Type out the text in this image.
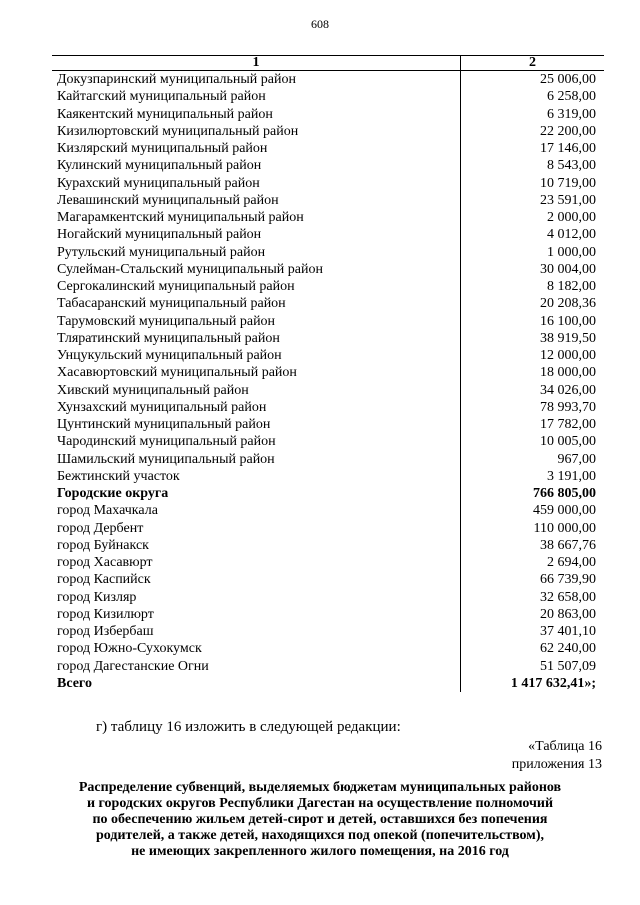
608
1	2
Докузпаринский муниципальный район	25 006,00
Кайтагский муниципальный район	6 258,00
Каякентский муниципальный район	6 319,00
Кизилюртовский муниципальный район	22 200,00
Кизлярский муниципальный район	17 146,00
Кулинский муниципальный район	8 543,00
Курахский муниципальный район	10 719,00
Левашинский муниципальный район	23 591,00
Магарамкентский муниципальный район	2 000,00
Ногайский муниципальный район	4 012,00
Рутульский муниципальный район	1 000,00
Сулейман-Стальский муниципальный район	30 004,00
Сергокалинский муниципальный район	8 182,00
Табасаранский муниципальный район	20 208,36
Тарумовский муниципальный район	16 100,00
Тляратинский муниципальный район	38 919,50
Унцукульский муниципальный район	12 000,00
Хасавюртовский муниципальный район	18 000,00
Хивский муниципальный район	34 026,00
Хунзахский муниципальный район	78 993,70
Цунтинский муниципальный район	17 782,00
Чародинский муниципальный район	10 005,00
Шамильский муниципальный район	967,00
Бежтинский участок	3 191,00
Городские округа	766 805,00
город Махачкала	459 000,00
город Дербент	110 000,00
город Буйнакск	38 667,76
город Хасавюрт	2 694,00
город Каспийск	66 739,90
город Кизляр	32 658,00
город Кизилюрт	20 863,00
город Избербаш	37 401,10
город Южно-Сухокумск	62 240,00
город Дагестанские Огни	51 507,09
Всего	1 417 632,41»;
г) таблицу 16 изложить в следующей редакции:
«Таблица 16
приложения 13
Распределение субвенций, выделяемых бюджетам муниципальных районов
и городских округов Республики Дагестан на осуществление полномочий
по обеспечению жильем детей-сирот и детей, оставшихся без попечения
родителей, а также детей, находящихся под опекой (попечительством),
не имеющих закрепленного жилого помещения, на 2016 год
